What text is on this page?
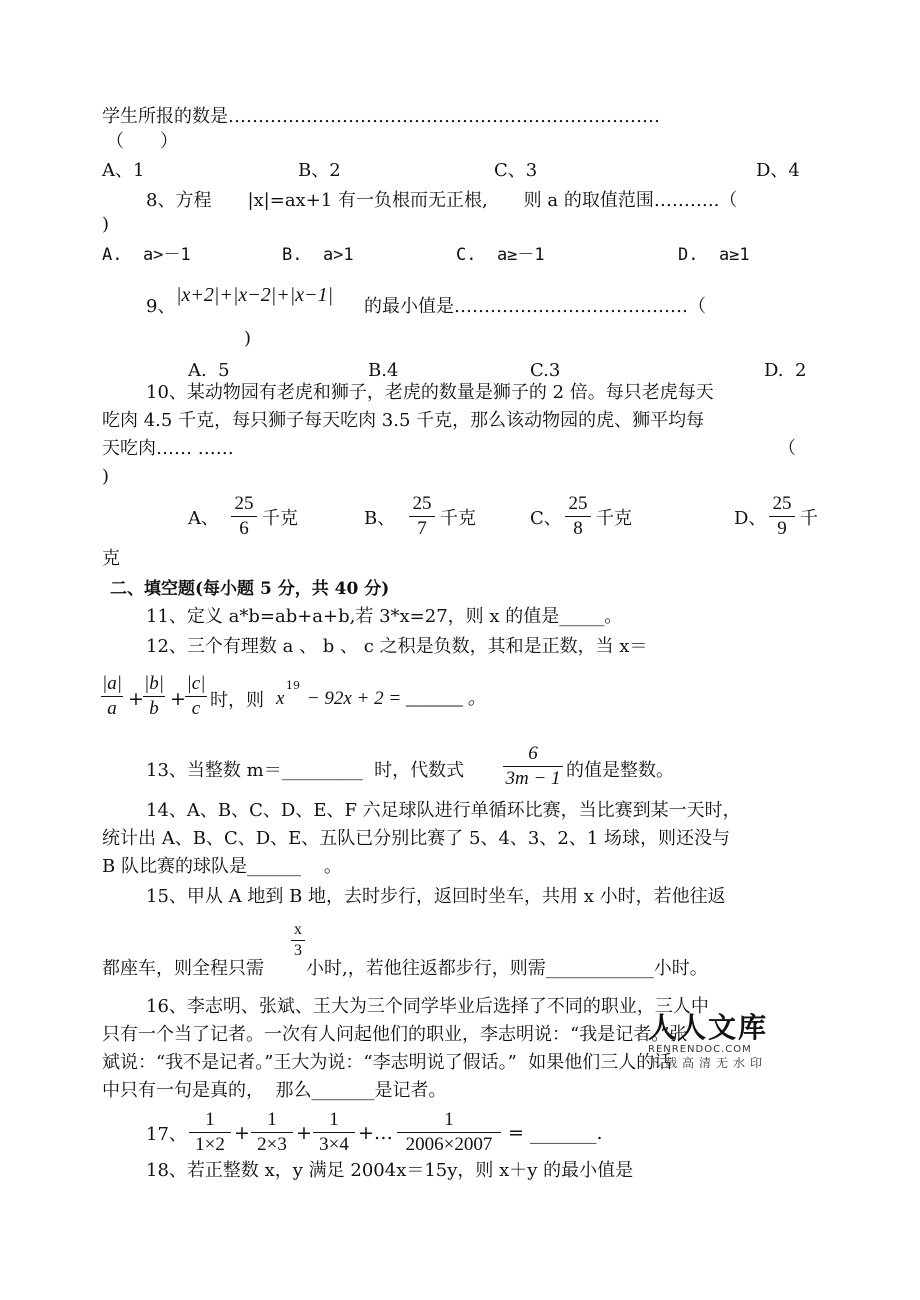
学生所报的数是………………………………………………………………
（　　）
A、1	B、2	C、3	D、4
8、方程　　|x|=ax+1 有一负根而无正根,　　则 a 的取值范围………..（
)
A.  a>－1	B.  a>1	C.  a≥－1	D.  a≥1
9、
|x+2|+|x−2|+|x−1|
的最小值是…………………………………（
)
A.  5	B.4	C.3	D.  2
10、某动物园有老虎和狮子，老虎的数量是狮子的 2 倍。每只老虎每天
吃肉 4.5 千克，每只狮子每天吃肉 3.5 千克，那么该动物园的虎、狮平均每
天吃肉…… ……	（
)
A、
25
6 千克	B、
25
7 千克	C、
25
8 千克	D、
25
9 千
克
二、填空题(每小题 5 分，共 40 分)
11、定义 a*b=ab+a+b,若 3*x=27，则 x 的值是_____。
12、三个有理数 a 、 b 、 c 之积是负数，其和是正数，当 x＝
|a|
a +
|b|
b +
|c|
c 时，则 x
19
− 92x + 2 = ______ 。
13、当整数 m＝_________  时，代数式
6
3m − 1 的值是整数。
14、A、B、C、D、E、F 六足球队进行单循环比赛，当比赛到某一天时，
统计出 A、B、C、D、E、五队已分别比赛了 5、4、3、2、1 场球，则还没与
B 队比赛的球队是______    。
15、甲从 A 地到 B 地，去时步行，返回时坐车，共用 x 小时，若他往返
x
3
都座车，则全程只需 小时,，若他往返都步行，则需____________小时。
16、李志明、张斌、王大为三个同学毕业后选择了不同的职业，三人中
只有一个当了记者。一次有人问起他们的职业，李志明说：“我是记者。”张
斌说：“我不是记者。”王大为说：“李志明说了假话。”  如果他们三人的话
中只有一句是真的，  那么_______是记者。
人人文库
RENRENDOC.COM
下载高清无水印
17、
1
1×2
+
1
2×3
+
1
3×4
+…
1
2006×2007
= _______.
18、若正整数 x，y 满足 2004x＝15y，则 x＋y 的最小值是
